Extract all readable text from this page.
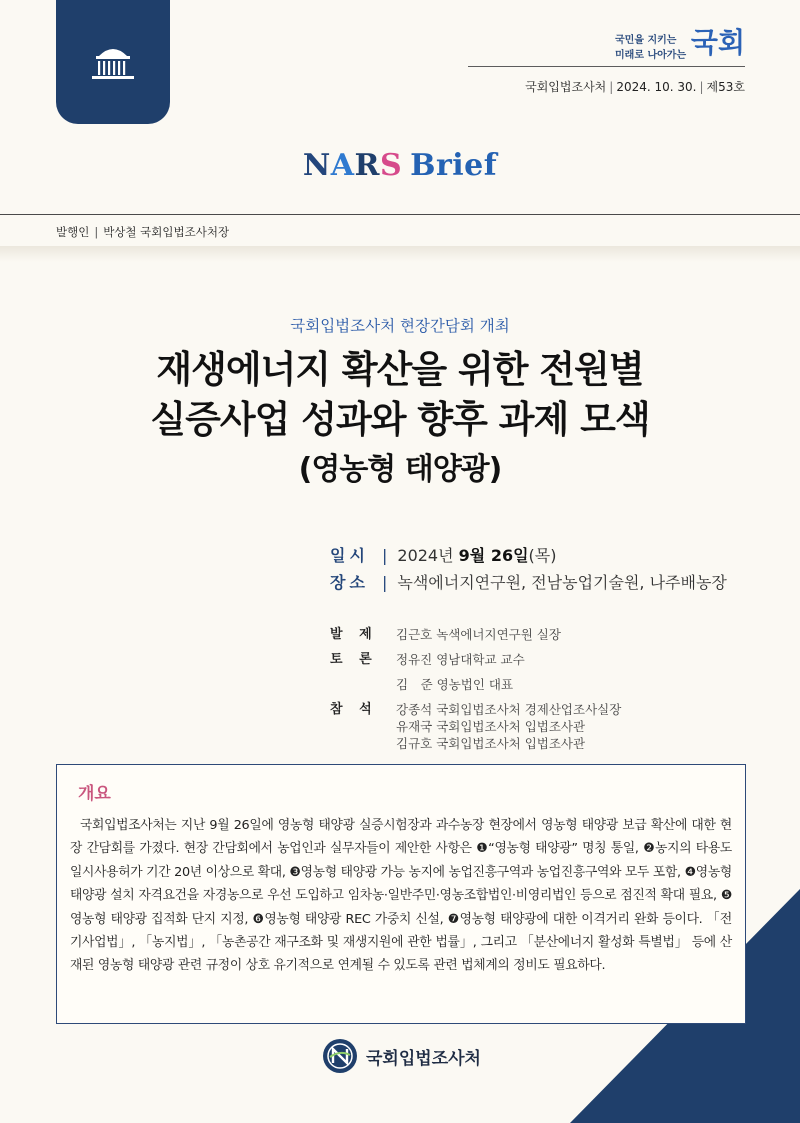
국민을 지키는
미래로 나아가는 국회
국회입법조사처 | 2024. 10. 30. | 제53호
NARS Brief
발행인 | 박상철 국회입법조사처장
국회입법조사처 현장간담회 개최
재생에너지 확산을 위한 전원별
실증사업 성과와 향후 과제 모색
(영농형 태양광)
일시 | 2024년 9월 26일(목)
장소 | 녹색에너지연구원, 전남농업기술원, 나주배농장
발 제	김근호 녹색에너지연구원 실장
토 론	정유진 영남대학교 교수
김　준 영농법인 대표
참 석	강종석 국회입법조사처 경제산업조사실장
유재국 국회입법조사처 입법조사관
김규호 국회입법조사처 입법조사관
개요
국회입법조사처는 지난 9월 26일에 영농형 태양광 실증시험장과 과수농장 현장에서 영농형 태양광 보급 확산에 대한 현장 간담회를 가졌다. 현장 간담회에서 농업인과 실무자들이 제안한 사항은 ❶“영농형 태양광” 명칭 통일, ❷농지의 타용도 일시사용허가 기간 20년 이상으로 확대, ❸영농형 태양광 가능 농지에 농업진흥구역과 농업진흥구역와 모두 포함, ❹영농형 태양광 설치 자격요건을 자경농으로 우선 도입하고 임차농·일반주민·영농조합법인·비영리법인 등으로 점진적 확대 필요, ❺영농형 태양광 집적화 단지 지정, ❻영농형 태양광 REC 가중치 신설, ❼영농형 태양광에 대한 이격거리 완화 등이다. 「전기사업법」, 「농지법」, 「농촌공간 재구조화 및 재생지원에 관한 법률」, 그리고 「분산에너지 활성화 특별법」 등에 산재된 영농형 태양광 관련 규정이 상호 유기적으로 연계될 수 있도록 관련 법체계의 정비도 필요하다.
국회입법조사처
